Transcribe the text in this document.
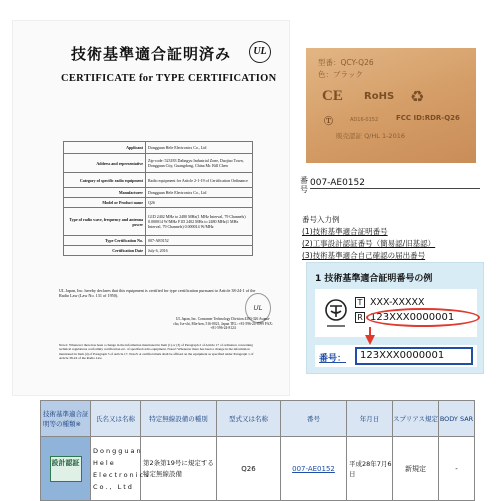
技術基準適合証明済み	UL
CERTIFICATE for TYPE CERTIFICATION
Applicant	Dongguan Hele Electronics Co., Ltd
Address and representative	Zip-code: 523183 Dalingyu Industrial Zone, Daojiao Town, Dongguan City, Guangdong, China Mr. Bill Chen
Category of specific radio equipment	Radio equipment for Article 2-1-19 of Certification Ordinance
Manufacturer	Dongguan Hele Electronics Co., Ltd
Model or Product name	Q26
Type of radio wave, frequency and antenna power	G1D 2402 MHz to 2480 MHz(1 MHz Interval, 79 Channels) 0.000014 W/MHz F1D 2402 MHz to 2480 MHz(1 MHz Interval, 79 Channels) 0.000014 W/MHz
Type Certification No.	007-AE0152
Certification Date	July 6, 2016
UL Japan, Inc. hereby declares that this equipment is certified for type certification pursuant to Article 38-24-1 of the Radio Law (Law No. 131 of 1950).
UL
UL Japan, Inc. Consumer Technology Division 4383-326 Asama-cho, Ise-shi, Mie-ken, 516-0021, Japan TEL: +81-596-24-8999 FAX: +81-596-24-8124
Note1: Whenever there has been a change in the information mentioned in Item (1) or (3) of Paragraph 2 of Article 17 of ordinance concerning technical regulations conformity certification etc. of specified radio equipment. Note2: Whenever there has been a change in the information mentioned in Item (4) of Paragraph 3 of Article 17. Note3: A certified mark shall be affixed on the equipment as specified under Paragraph 1 of Article 38-24 of the Radio Law.
型番：QCY-Q26
色：ブラック
CE RoHS ♻
Ⓣ	AD16-0152	FCC ID:RDR-Q26
販売認証 Q/HL 1-2016
番号
007-AE0152
番号入力例
(1)技術基準適合証明番号
(2)工事設計認証番号（簡易認/旧基認）
(3)技術基準適合自己確認の届出番号
1 技術基準適合証明番号の例
T XXX-XXXXX
R 123XXX0000001
番号：	123XXX0000001
技術基準適合証明等の種類※	氏名又は名称	特定無線設備の種別	型式又は名称	番号	年月日	スプリアス規定	BODY SAR

設計認証	Dongguan Hele Electronics Co., Ltd	第2条第19号に規定する特定無線設備	Q26	007-AE0152	平成28年7月6日	新規定	-
